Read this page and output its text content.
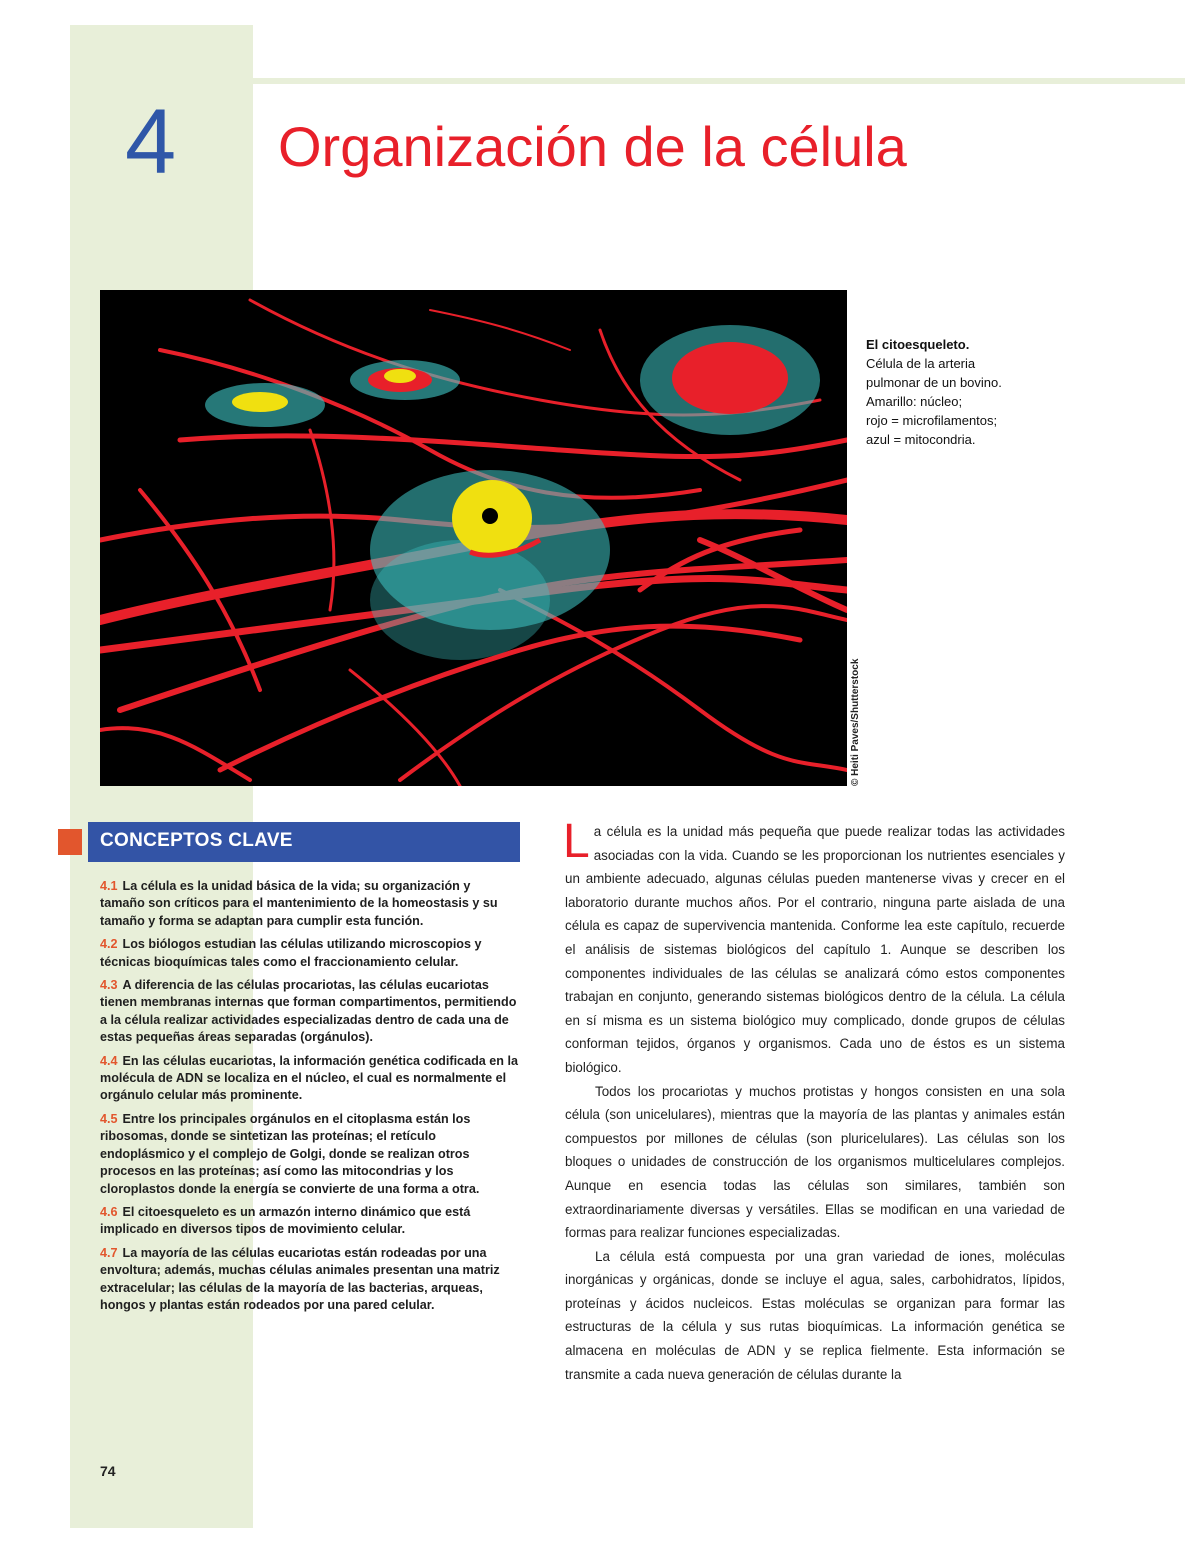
4	Organización de la célula
© Heiti Paves/Shutterstock
El citoesqueleto.
Célula de la arteria
pulmonar de un bovino.
Amarillo: núcleo;
rojo = microfilamentos;
azul = mitocondria.
CONCEPTOS CLAVE

4.1 La célula es la unidad básica de la vida; su organización y tamaño son críticos para el mantenimiento de la homeostasis y su tamaño y forma se adaptan para cumplir esta función.

4.2 Los biólogos estudian las células utilizando microscopios y técnicas bioquímicas tales como el fraccionamiento celular.

4.3 A diferencia de las células procariotas, las células eucariotas tienen membranas internas que forman compartimentos, permitiendo a la célula realizar actividades especializadas dentro de cada una de estas pequeñas áreas separadas (orgánulos).

4.4 En las células eucariotas, la información genética codificada en la molécula de ADN se localiza en el núcleo, el cual es normalmente el orgánulo celular más prominente.

4.5 Entre los principales orgánulos en el citoplasma están los ribosomas, donde se sintetizan las proteínas; el retículo endoplásmico y el complejo de Golgi, donde se realizan otros procesos en las proteínas; así como las mitocondrias y los cloroplastos donde la energía se convierte de una forma a otra.

4.6 El citoesqueleto es un armazón interno dinámico que está implicado en diversos tipos de movimiento celular.

4.7 La mayoría de las células eucariotas están rodeadas por una envoltura; además, muchas células animales presentan una matriz extracelular; las células de la mayoría de las bacterias, arqueas, hongos y plantas están rodeados por una pared celular.

La célula es la unidad más pequeña que puede realizar todas las actividades asociadas con la vida. Cuando se les proporcionan los nutrientes esenciales y un ambiente adecuado, algunas células pueden mantenerse vivas y crecer en el laboratorio durante muchos años. Por el contrario, ninguna parte aislada de una célula es capaz de supervivencia mantenida. Conforme lea este capítulo, recuerde el análisis de sistemas biológicos del capítulo 1. Aunque se describen los componentes individuales de las células se analizará cómo estos componentes trabajan en conjunto, generando sistemas biológicos dentro de la célula. La célula en sí misma es un sistema biológico muy complicado, donde grupos de células conforman tejidos, órganos y organismos. Cada uno de éstos es un sistema biológico.

Todos los procariotas y muchos protistas y hongos consisten en una sola célula (son unicelulares), mientras que la mayoría de las plantas y animales están compuestos por millones de células (son pluricelulares). Las células son los bloques o unidades de construcción de los organismos multicelulares complejos. Aunque en esencia todas las células son similares, también son extraordinariamente diversas y versátiles. Ellas se modifican en una variedad de formas para realizar funciones especializadas.

La célula está compuesta por una gran variedad de iones, moléculas inorgánicas y orgánicas, donde se incluye el agua, sales, carbohidratos, lípidos, proteínas y ácidos nucleicos. Estas moléculas se organizan para formar las estructuras de la célula y sus rutas bioquímicas. La información genética se almacena en moléculas de ADN y se replica fielmente. Esta información se transmite a cada nueva generación de células durante la

74
